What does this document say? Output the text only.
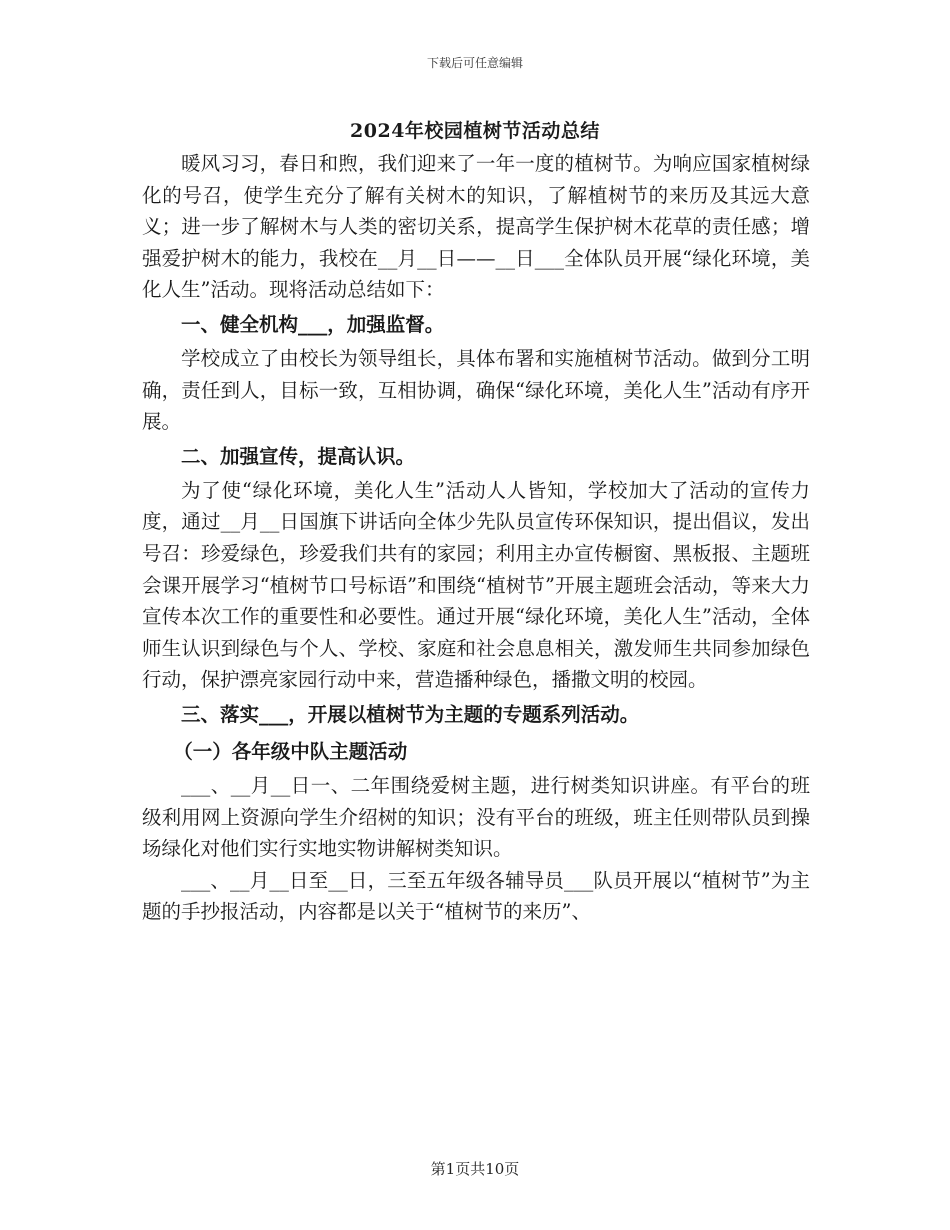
下载后可任意编辑
2024年校园植树节活动总结

暖风习习，春日和煦，我们迎来了一年一度的植树节。为响应国家植树绿化的号召，使学生充分了解有关树木的知识，了解植树节的来历及其远大意义；进一步了解树木与人类的密切关系，提高学生保护树木花草的责任感；增强爱护树木的能力，我校在__月__日——__日___全体队员开展“绿化环境，美化人生”活动。现将活动总结如下：

一、健全机构___，加强监督。

学校成立了由校长为领导组长，具体布署和实施植树节活动。做到分工明确，责任到人，目标一致，互相协调，确保“绿化环境，美化人生”活动有序开展。

二、加强宣传，提高认识。

为了使“绿化环境，美化人生”活动人人皆知，学校加大了活动的宣传力度，通过__月__日国旗下讲话向全体少先队员宣传环保知识，提出倡议，发出号召：珍爱绿色，珍爱我们共有的家园；利用主办宣传橱窗、黑板报、主题班会课开展学习“植树节口号标语”和围绕“植树节”开展主题班会活动，等来大力宣传本次工作的重要性和必要性。通过开展“绿化环境，美化人生”活动，全体师生认识到绿色与个人、学校、家庭和社会息息相关，激发师生共同参加绿色行动，保护漂亮家园行动中来，营造播种绿色，播撒文明的校园。

三、落实___，开展以植树节为主题的专题系列活动。
（一）各年级中队主题活动

___、__月__日一、二年围绕爱树主题，进行树类知识讲座。有平台的班级利用网上资源向学生介绍树的知识；没有平台的班级，班主任则带队员到操场绿化对他们实行实地实物讲解树类知识。

___、__月__日至__日，三至五年级各辅导员___队员开展以“植树节”为主题的手抄报活动，内容都是以关于“植树节的来历”、

第1页共10页
